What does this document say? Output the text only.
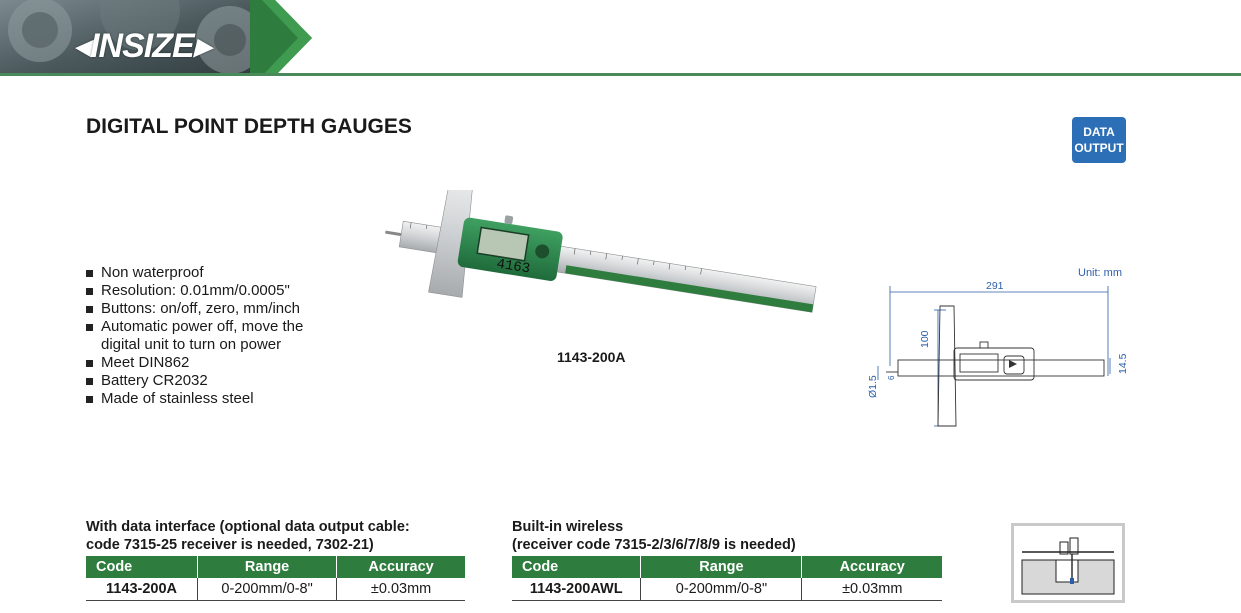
◂INSIZE▸
DIGITAL POINT DEPTH GAUGES	DATA
OUTPUT
Non waterproof
Resolution: 0.01mm/0.0005"
Buttons: on/off, zero, mm/inch
Automatic power off, move the digital unit to turn on power
Meet DIN862
Battery CR2032
Made of stainless steel
4163
1143-200A
Unit: mm
291
100
14.5
Ø1.5 6
With data interface (optional data output cable:
code 7315-25 receiver is needed, 7302-21)
Code	Range	Accuracy
1143-200A	0-200mm/0-8"	±0.03mm
Built-in wireless
(receiver code 7315-2/3/6/7/8/9 is needed)
Code	Range	Accuracy
1143-200AWL	0-200mm/0-8"	±0.03mm
